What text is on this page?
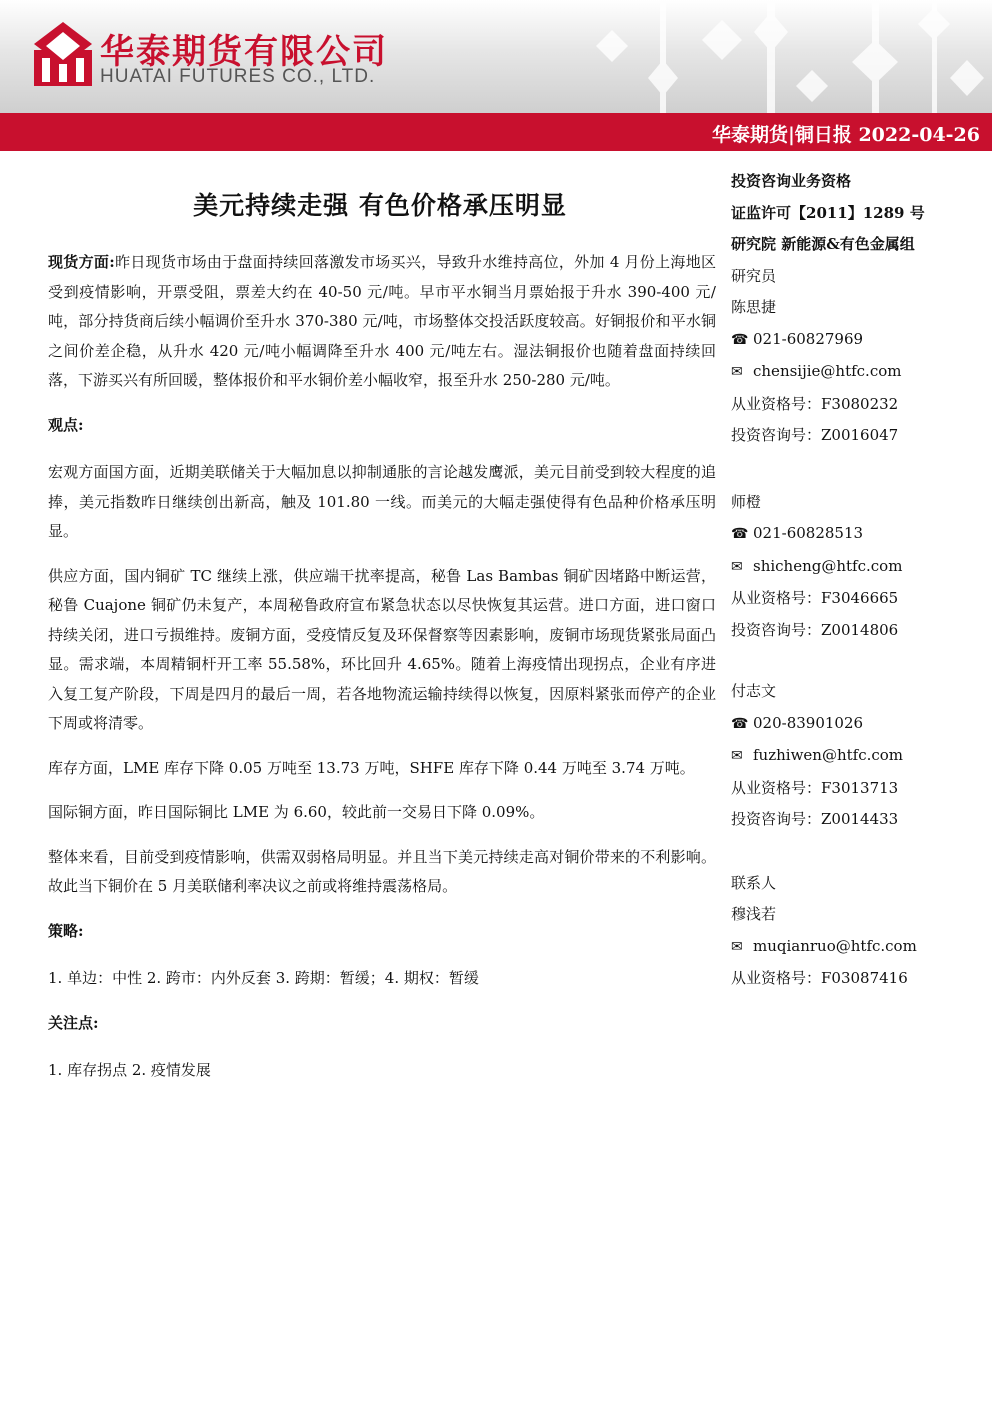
华泰期货有限公司
HUATAI FUTURES CO., LTD.
华泰期货|铜日报 2022-04-26
美元持续走强 有色价格承压明显

现货方面:昨日现货市场由于盘面持续回落激发市场买兴，导致升水维持高位，外加 4 月份上海地区受到疫情影响，开票受阻，票差大约在 40-50 元/吨。早市平水铜当月票始报于升水 390-400 元/吨，部分持货商后续小幅调价至升水 370-380 元/吨，市场整体交投活跃度较高。好铜报价和平水铜之间价差企稳，从升水 420 元/吨小幅调降至升水 400 元/吨左右。湿法铜报价也随着盘面持续回落，下游买兴有所回暖，整体报价和平水铜价差小幅收窄，报至升水 250-280 元/吨。

观点:

宏观方面国方面，近期美联储关于大幅加息以抑制通胀的言论越发鹰派，美元目前受到较大程度的追捧，美元指数昨日继续创出新高，触及 101.80 一线。而美元的大幅走强使得有色品种价格承压明显。

供应方面，国内铜矿 TC 继续上涨，供应端干扰率提高，秘鲁 Las Bambas 铜矿因堵路中断运营，秘鲁 Cuajone 铜矿仍未复产，本周秘鲁政府宣布紧急状态以尽快恢复其运营。进口方面，进口窗口持续关闭，进口亏损维持。废铜方面，受疫情反复及环保督察等因素影响，废铜市场现货紧张局面凸显。需求端，本周精铜杆开工率 55.58%，环比回升 4.65%。随着上海疫情出现拐点，企业有序进入复工复产阶段，下周是四月的最后一周，若各地物流运输持续得以恢复，因原料紧张而停产的企业下周或将清零。

库存方面，LME 库存下降 0.05 万吨至 13.73 万吨，SHFE 库存下降 0.44 万吨至 3.74 万吨。

国际铜方面，昨日国际铜比 LME 为 6.60，较此前一交易日下降 0.09%。

整体来看，目前受到疫情影响，供需双弱格局明显。并且当下美元持续走高对铜价带来的不利影响。故此当下铜价在 5 月美联储利率决议之前或将维持震荡格局。

策略:

1. 单边：中性 2. 跨市：内外反套 3. 跨期：暂缓；4. 期权：暂缓

关注点:

1. 库存拐点 2. 疫情发展

投资咨询业务资格
证监许可【2011】1289 号
研究院 新能源&有色金属组
研究员
陈思捷
☎ 021-60827969
✉ chensijie@htfc.com
从业资格号：F3080232
投资咨询号：Z0016047
师橙
☎ 021-60828513
✉ shicheng@htfc.com
从业资格号：F3046665
投资咨询号：Z0014806
付志文
☎ 020-83901026
✉ fuzhiwen@htfc.com
从业资格号：F3013713
投资咨询号：Z0014433
联系人
穆浅若
✉ muqianruo@htfc.com
从业资格号：F03087416
